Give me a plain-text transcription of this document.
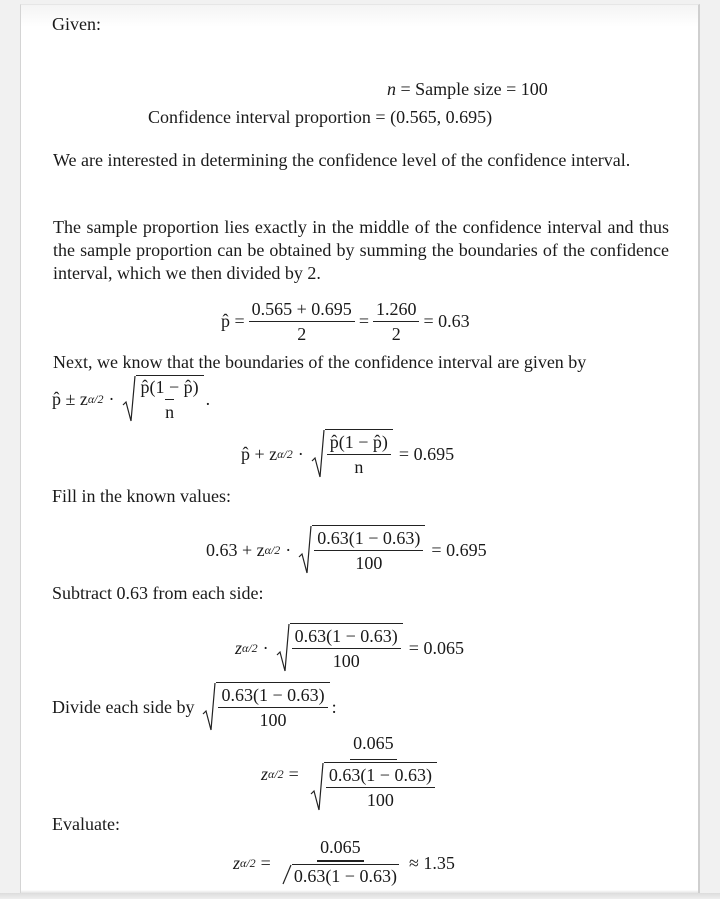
Given:
n = Sample size = 100
Confidence interval proportion = (0.565, 0.695)
We are interested in determining the confidence level of the confidence interval.
The sample proportion lies exactly in the middle of the confidence interval and thus the sample proportion can be obtained by summing the boundaries of the confidence interval, which we then divided by 2.
p̂ = $\frac{0.565 + 0.695}{2} = \frac{1.260}{2} = 0.63$
Next, we know that the boundaries of the confidence interval are given by
p̂ ± z $\alpha/2 \cdot \frac{p̂(1 - p̂)}{n}$ .
p̂ + z $\alpha/2 \cdot \frac{p̂(1 - p̂)}{n} = 0.695$
Fill in the known values:
0.63 + z $\alpha/2 \cdot \frac{0.63(1 - 0.63)}{100} = 0.695$
Subtract 0.63 from each side:
z $\alpha/2 \cdot \frac{0.63(1 - 0.63)}{100} = 0.065$
Divide each side by $\frac{0.63(1 - 0.63)}{100}$ :
z $\alpha/2 = \frac{0.065}{\frac{0.63(1 - 0.63)}{100}}$
Evaluate:
z $\alpha/2 = \frac{0.065}{0.63(1 - 0.63)} \approx 1.35$
